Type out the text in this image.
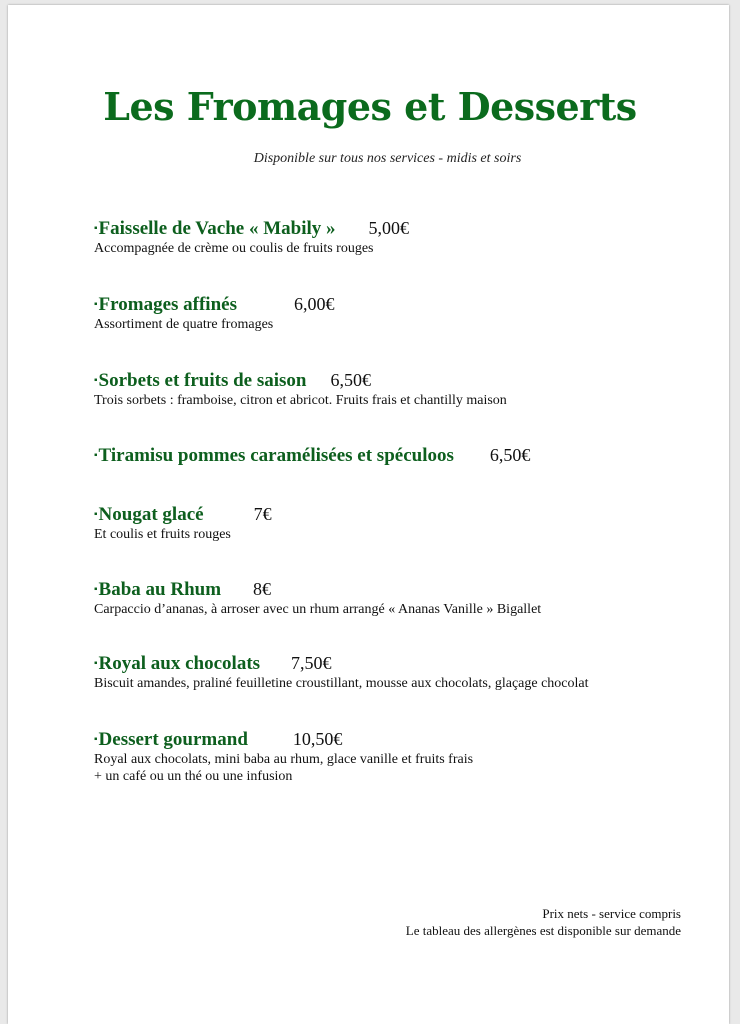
Les Fromages et Desserts
Disponible sur tous nos services - midis et soirs
▪ Faisselle de Vache « Mabily » 5,00€
Accompagnée de crème ou coulis de fruits rouges
▪ Fromages affinés	6,00€
Assortiment de quatre fromages
▪ Sorbets et fruits de saison 6,50€
Trois sorbets : framboise, citron et abricot. Fruits frais et chantilly maison
▪ Tiramisu pommes caramélisées et spéculoos 6,50€
▪ Nougat glacé	7€
Et coulis et fruits rouges
▪ Baba au Rhum 8€
Carpaccio d’ananas, à arroser avec un rhum arrangé « Ananas Vanille » Bigallet
▪ Royal aux chocolats 7,50€
Biscuit amandes, praliné feuilletine croustillant, mousse aux chocolats, glaçage chocolat
▪ Dessert gourmand	10,50€
Royal aux chocolats, mini baba au rhum, glace vanille et fruits frais
+ un café ou un thé ou une infusion
Prix nets - service compris
Le tableau des allergènes est disponible sur demande
